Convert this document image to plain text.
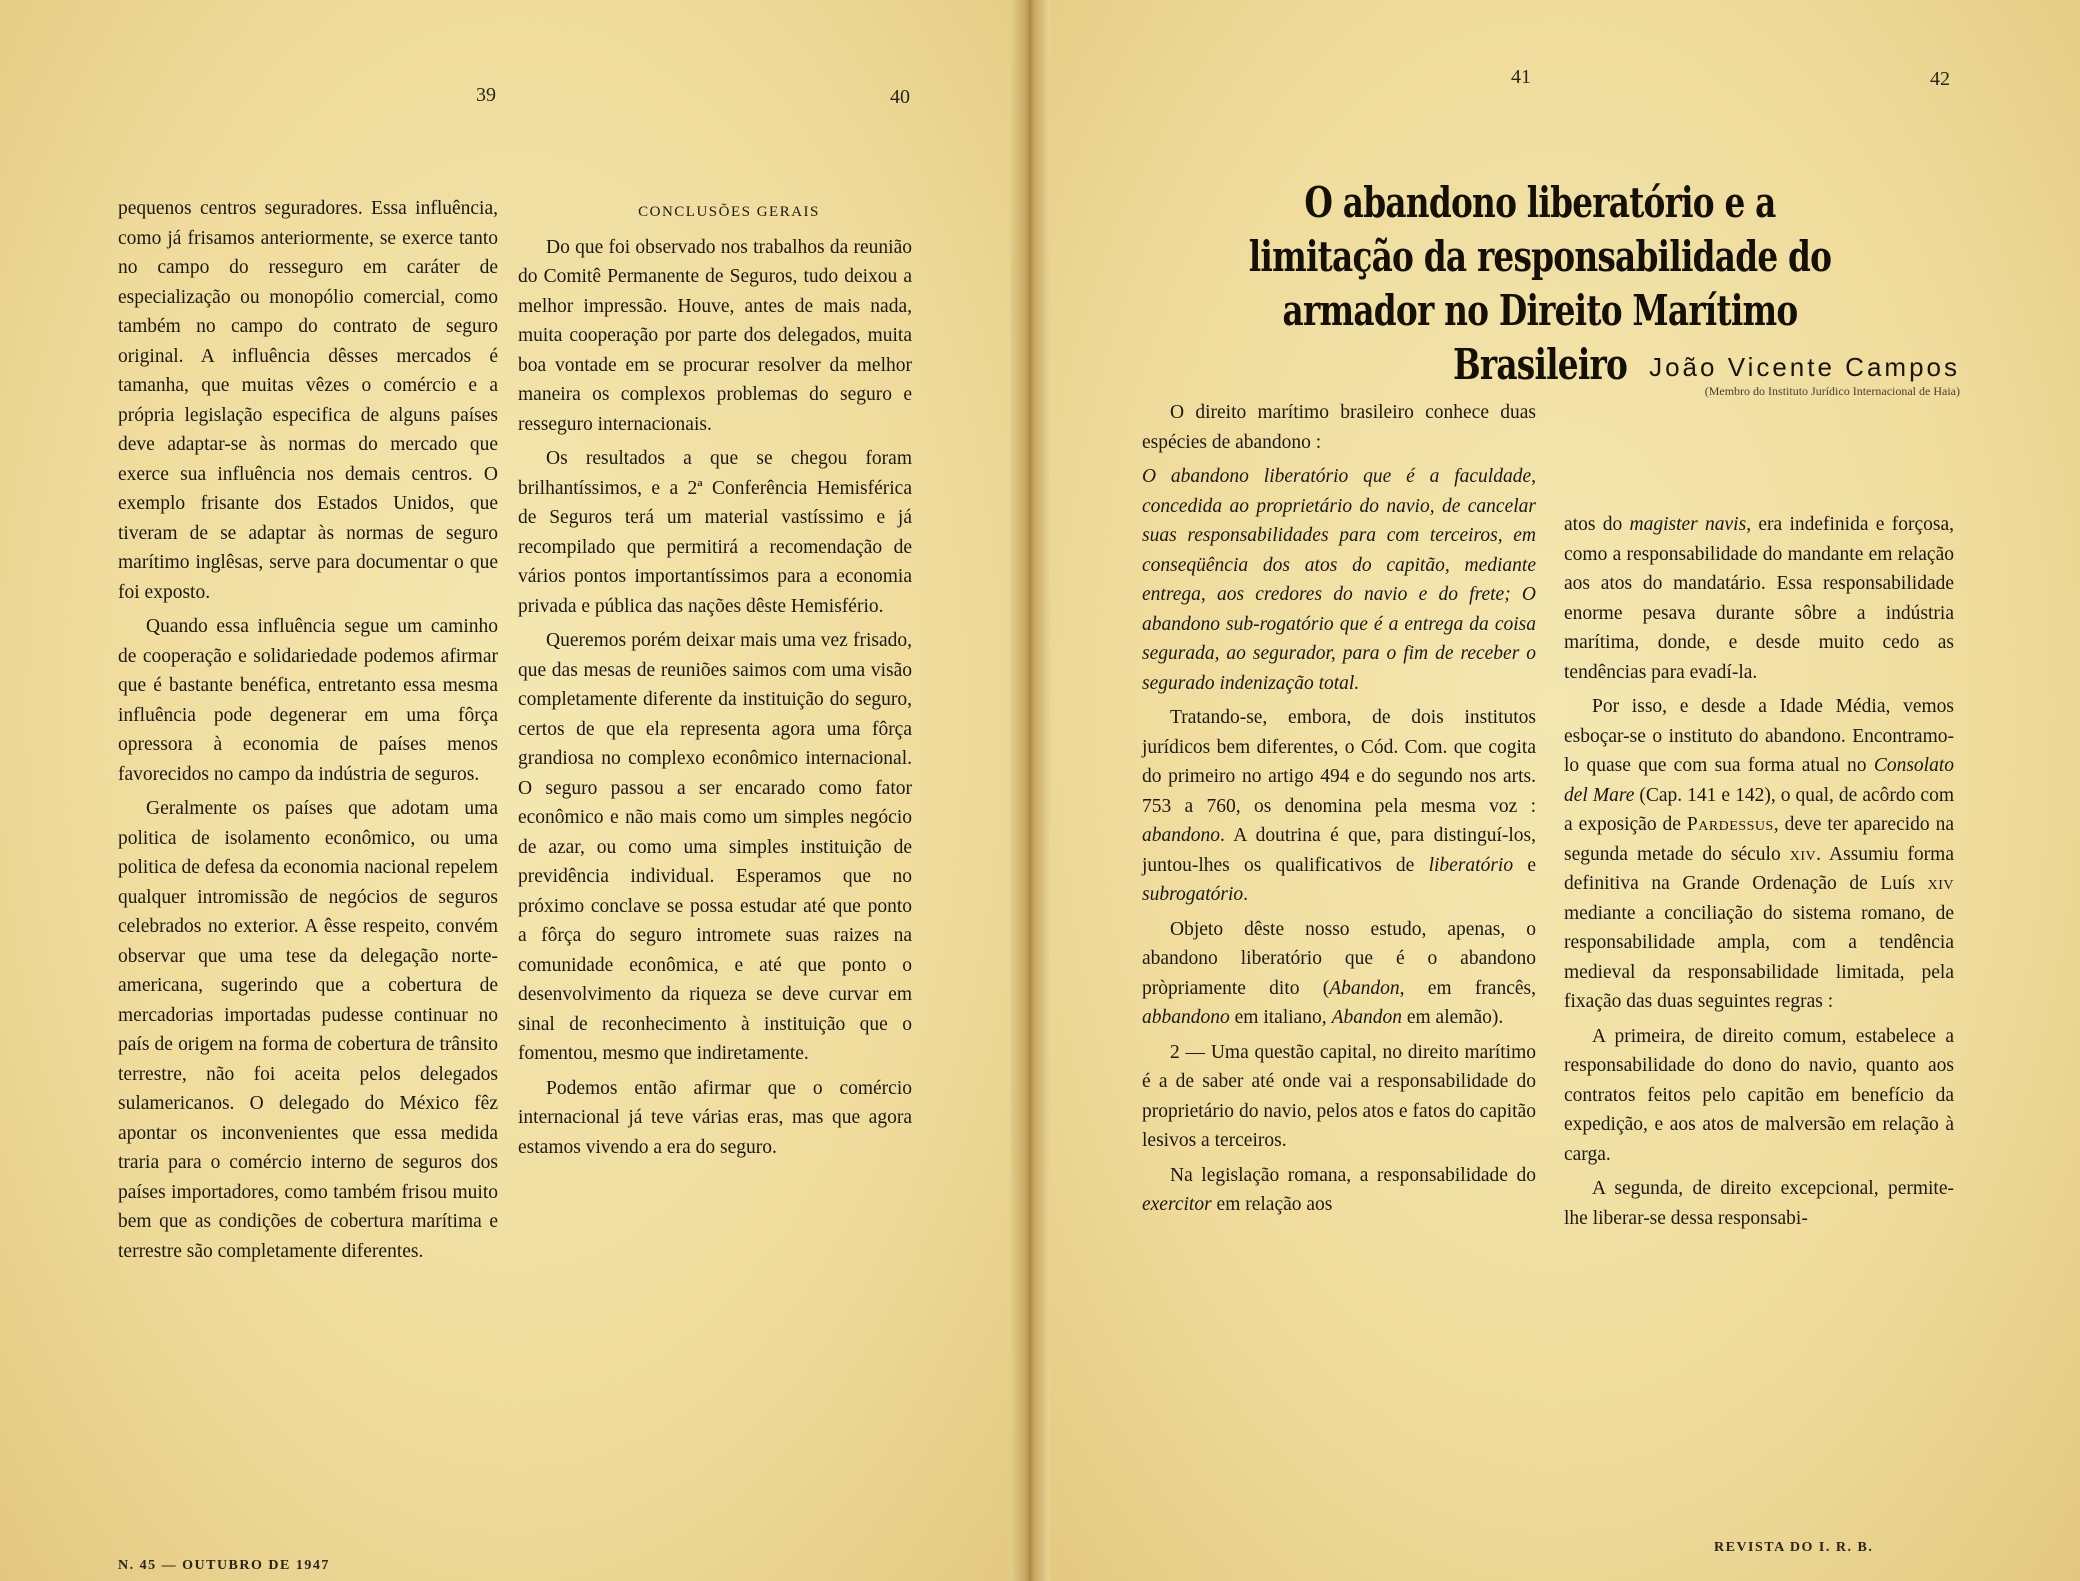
39	40
41	42

pequenos centros seguradores. Essa influência, como já frisamos anteriormente, se exerce tanto no campo do resseguro em caráter de especialização ou monopólio comercial, como também no campo do contrato de seguro original. A influência dêsses mercados é tamanha, que muitas vêzes o comércio e a própria legislação especifica de alguns países deve adaptar-se às normas do mercado que exerce sua influência nos demais centros. O exemplo frisante dos Estados Unidos, que tiveram de se adaptar às normas de seguro marítimo inglêsas, serve para documentar o que foi exposto.

Quando essa influência segue um caminho de cooperação e solidariedade podemos afirmar que é bastante benéfica, entretanto essa mesma influência pode degenerar em uma fôrça opressora à economia de países menos favorecidos no campo da indústria de seguros.

Geralmente os países que adotam uma politica de isolamento econômico, ou uma politica de defesa da economia nacional repelem qualquer intromissão de negócios de seguros celebrados no exterior. A êsse respeito, convém observar que uma tese da delegação norte-americana, sugerindo que a cobertura de mercadorias importadas pudesse continuar no país de origem na forma de cobertura de trânsito terrestre, não foi aceita pelos delegados sulamericanos. O delegado do México fêz apontar os inconvenientes que essa medida traria para o comércio interno de seguros dos países importadores, como também frisou muito bem que as condições de cobertura marítima e terrestre são completamente diferentes.

CONCLUSÕES GERAIS

Do que foi observado nos trabalhos da reunião do Comitê Permanente de Seguros, tudo deixou a melhor impressão. Houve, antes de mais nada, muita cooperação por parte dos delegados, muita boa vontade em se procurar resolver da melhor maneira os complexos problemas do seguro e resseguro internacionais.

Os resultados a que se chegou foram brilhantíssimos, e a 2ª Conferência Hemisférica de Seguros terá um material vastíssimo e já recompilado que permitirá a recomendação de vários pontos importantíssimos para a economia privada e pública das nações dêste Hemisfério.

Queremos porém deixar mais uma vez frisado, que das mesas de reuniões saimos com uma visão completamente diferente da instituição do seguro, certos de que ela representa agora uma fôrça grandiosa no complexo econômico internacional. O seguro passou a ser encarado como fator econômico e não mais como um simples negócio de azar, ou como uma simples instituição de previdência individual. Esperamos que no próximo conclave se possa estudar até que ponto a fôrça do seguro intromete suas raizes na comunidade econômica, e até que ponto o desenvolvimento da riqueza se deve curvar em sinal de reconhecimento à instituição que o fomentou, mesmo que indiretamente.

Podemos então afirmar que o comércio internacional já teve várias eras, mas que agora estamos vivendo a era do seguro.

O abandono liberatório e a limitação da responsabilidade do armador no Direito Marítimo Brasileiro João Vicente Campos
(Membro do Instituto Jurídico Internacional de Haia)

O direito marítimo brasileiro conhece duas espécies de abandono :

O abandono liberatório que é a faculdade, concedida ao proprietário do navio, de cancelar suas responsabilidades para com terceiros, em conseqüência dos atos do capitão, mediante entrega, aos credores do navio e do frete; O abandono sub-rogatório que é a entrega da coisa segurada, ao segurador, para o fim de receber o segurado indenização total.

Tratando-se, embora, de dois institutos jurídicos bem diferentes, o Cód. Com. que cogita do primeiro no artigo 494 e do segundo nos arts. 753 a 760, os denomina pela mesma voz : abandono. A doutrina é que, para distinguí-los, juntou-lhes os qualificativos de liberatório e subrogatório.

Objeto dêste nosso estudo, apenas, o abandono liberatório que é o abandono pròpriamente dito (Abandon, em francês, abbandono em italiano, Abandon em alemão).

2 — Uma questão capital, no direito marítimo é a de saber até onde vai a responsabilidade do proprietário do navio, pelos atos e fatos do capitão lesivos a terceiros.

Na legislação romana, a responsabilidade do exercitor em relação aos

atos do magister navis, era indefinida e forçosa, como a responsabilidade do mandante em relação aos atos do mandatário. Essa responsabilidade enorme pesava durante sôbre a indústria marítima, donde, e desde muito cedo as tendências para evadí-la.

Por isso, e desde a Idade Média, vemos esboçar-se o instituto do abandono. Encontramo-lo quase que com sua forma atual no Consolato del Mare (Cap. 141 e 142), o qual, de acôrdo com a exposição de Pardessus, deve ter aparecido na segunda metade do século xiv. Assumiu forma definitiva na Grande Ordenação de Luís xiv mediante a conciliação do sistema romano, de responsabilidade ampla, com a tendência medieval da responsabilidade limitada, pela fixação das duas seguintes regras :

A primeira, de direito comum, estabelece a responsabilidade do dono do navio, quanto aos contratos feitos pelo capitão em benefício da expedição, e aos atos de malversão em relação à carga.

A segunda, de direito excepcional, permite-lhe liberar-se dessa responsabi-

N. 45 — OUTUBRO DE 1947
REVISTA DO I. R. B.
